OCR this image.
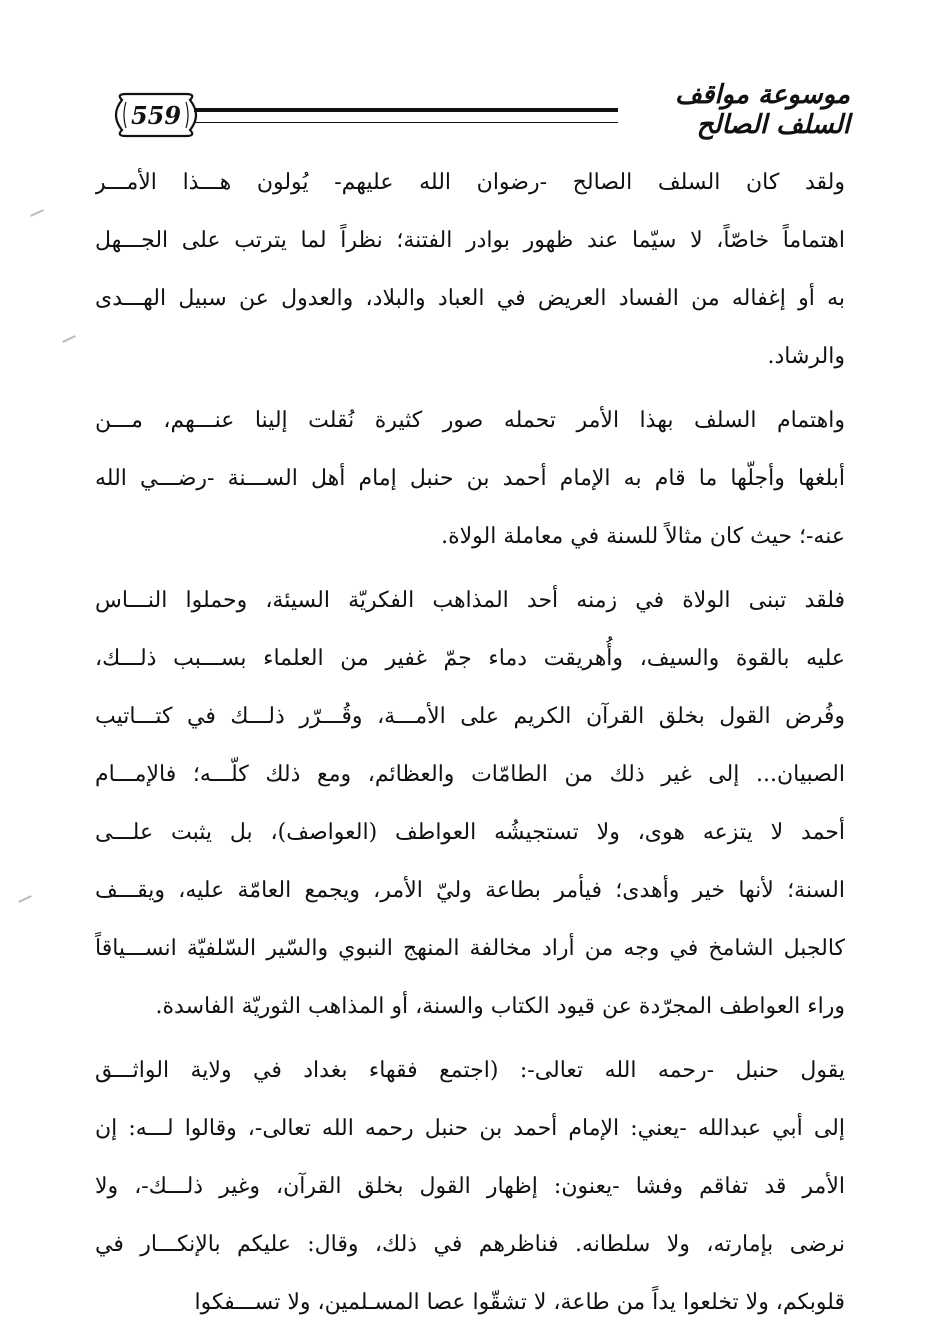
559
موسوعة مواقف السلف الصالح
ولقد كان السلف الصالح -رضوان الله عليهم- يُولون هـــذا الأمـــر
اهتماماً خاصّاً، لا سيّما عند ظهور بوادر الفتنة؛ نظراً لما يترتب على الجـــهل
به أو إغفاله من الفساد العريض في العباد والبلاد، والعدول عن سبيل الهـــدى
والرشاد.
واهتمام السلف بهذا الأمر تحمله صور كثيرة نُقلت إلينا عنـــهم، مـــن
أبلغها وأجلّها ما قام به الإمام أحمد بن حنبل إمام أهل الســـنة -رضـــي الله
عنه-؛ حيث كان مثالاً للسنة في معاملة الولاة.
فلقد تبنى الولاة في زمنه أحد المذاهب الفكريّة السيئة، وحملوا النـــاس
عليه بالقوة والسيف، وأُهريقت دماء جمّ غفير من العلماء بســـبب ذلـــك،
وفُرض القول بخلق القرآن الكريم على الأمـــة، وقُـــرّر ذلـــك في كتـــاتيب
الصبيان... إلى غير ذلك من الطامّات والعظائم، ومع ذلك كلّـــه؛ فالإمـــام
أحمد لا يتزعه هوى، ولا تستجيشُه العواطف (العواصف)، بل يثبت علـــى
السنة؛ لأنها خير وأهدى؛ فيأمر بطاعة وليّ الأمر، ويجمع العامّة عليه، ويقـــف
كالجبل الشامخ في وجه من أراد مخالفة المنهج النبوي والسّير السّلفيّة انســـياقاً
وراء العواطف المجرّدة عن قيود الكتاب والسنة، أو المذاهب الثوريّة الفاسدة.
يقول حنبل -رحمه الله تعالى-: (اجتمع فقهاء بغداد في ولاية الواثـــق
إلى أبي عبدالله -يعني: الإمام أحمد بن حنبل رحمه الله تعالى-، وقالوا لـــه: إن
الأمر قد تفاقم وفشا -يعنون: إظهار القول بخلق القرآن، وغير ذلـــك-، ولا
نرضى بإمارته، ولا سلطانه. فناظرهم في ذلك، وقال: عليكم بالإنكـــار في
قلوبكم، ولا تخلعوا يداً من طاعة، لا تشقّوا عصا المسـلمين، ولا تســـفكوا
